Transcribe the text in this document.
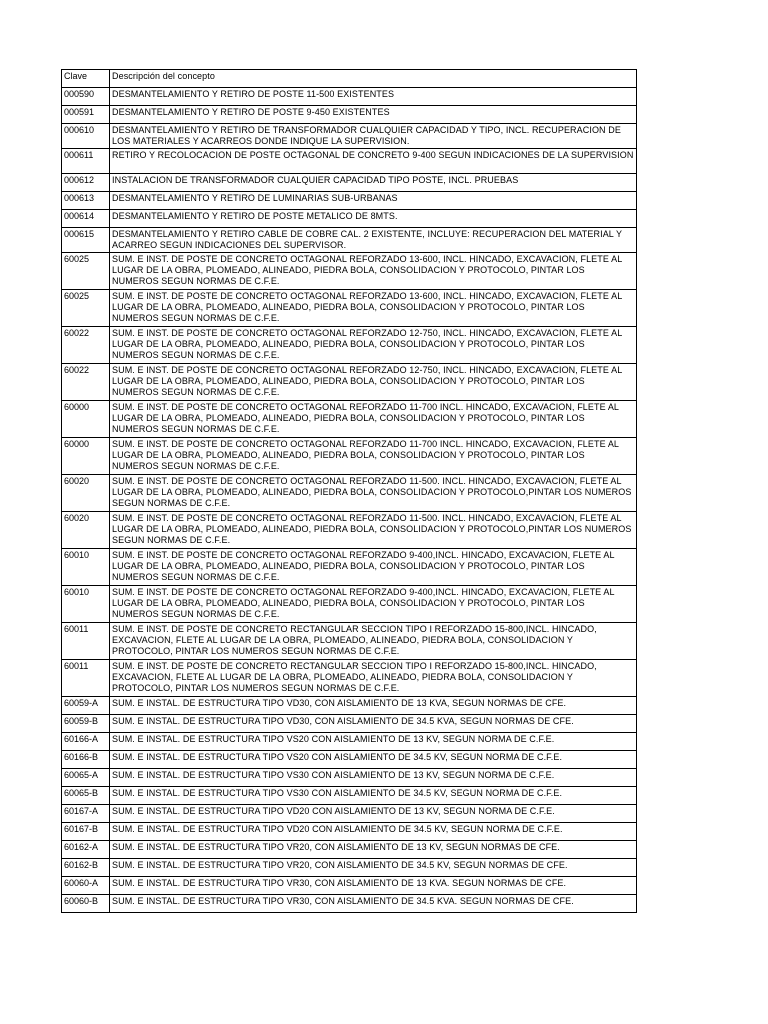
Clave	Descripción del concepto
000590	DESMANTELAMIENTO Y RETIRO DE POSTE 11-500 EXISTENTES
000591	DESMANTELAMIENTO Y RETIRO DE POSTE 9-450 EXISTENTES
000610	DESMANTELAMIENTO Y RETIRO DE TRANSFORMADOR CUALQUIER CAPACIDAD Y TIPO, INCL. RECUPERACION DE LOS MATERIALES Y ACARREOS DONDE INDIQUE LA SUPERVISION.
000611	RETIRO Y RECOLOCACION DE POSTE OCTAGONAL DE CONCRETO 9-400 SEGUN INDICACIONES DE LA SUPERVISION
000612	INSTALACION DE TRANSFORMADOR CUALQUIER CAPACIDAD TIPO POSTE, INCL. PRUEBAS
000613	DESMANTELAMIENTO Y RETIRO DE LUMINARIAS SUB-URBANAS
000614	DESMANTELAMIENTO Y RETIRO DE POSTE METALICO DE 8MTS.
000615	DESMANTELAMIENTO Y RETIRO CABLE DE COBRE CAL. 2 EXISTENTE, INCLUYE: RECUPERACION DEL MATERIAL Y ACARREO SEGUN INDICACIONES DEL SUPERVISOR.
60025	SUM. E INST. DE POSTE DE CONCRETO OCTAGONAL REFORZADO 13-600, INCL. HINCADO, EXCAVACION, FLETE AL LUGAR DE LA OBRA, PLOMEADO, ALINEADO, PIEDRA BOLA, CONSOLIDACION Y PROTOCOLO, PINTAR LOS NUMEROS SEGUN NORMAS DE C.F.E.
60025	SUM. E INST. DE POSTE DE CONCRETO OCTAGONAL REFORZADO 13-600, INCL. HINCADO, EXCAVACION, FLETE AL LUGAR DE LA OBRA, PLOMEADO, ALINEADO, PIEDRA BOLA, CONSOLIDACION Y PROTOCOLO, PINTAR LOS NUMEROS SEGUN NORMAS DE C.F.E.
60022	SUM. E INST. DE POSTE DE CONCRETO OCTAGONAL REFORZADO 12-750, INCL. HINCADO, EXCAVACION, FLETE AL LUGAR DE LA OBRA, PLOMEADO, ALINEADO, PIEDRA BOLA, CONSOLIDACION Y PROTOCOLO, PINTAR LOS NUMEROS SEGUN NORMAS DE C.F.E.
60022	SUM. E INST. DE POSTE DE CONCRETO OCTAGONAL REFORZADO 12-750, INCL. HINCADO, EXCAVACION, FLETE AL LUGAR DE LA OBRA, PLOMEADO, ALINEADO, PIEDRA BOLA, CONSOLIDACION Y PROTOCOLO, PINTAR LOS NUMEROS SEGUN NORMAS DE C.F.E.
60000	SUM. E INST. DE POSTE DE CONCRETO OCTAGONAL REFORZADO 11-700 INCL. HINCADO, EXCAVACION, FLETE AL LUGAR DE LA OBRA, PLOMEADO, ALINEADO, PIEDRA BOLA, CONSOLIDACION Y PROTOCOLO, PINTAR LOS NUMEROS SEGUN NORMAS DE C.F.E.
60000	SUM. E INST. DE POSTE DE CONCRETO OCTAGONAL REFORZADO 11-700 INCL. HINCADO, EXCAVACION, FLETE AL LUGAR DE LA OBRA, PLOMEADO, ALINEADO, PIEDRA BOLA, CONSOLIDACION Y PROTOCOLO, PINTAR LOS NUMEROS SEGUN NORMAS DE C.F.E.
60020	SUM. E INST. DE POSTE DE CONCRETO OCTAGONAL REFORZADO 11-500. INCL. HINCADO, EXCAVACION, FLETE AL LUGAR DE LA OBRA, PLOMEADO, ALINEADO, PIEDRA BOLA, CONSOLIDACION Y PROTOCOLO,PINTAR LOS NUMEROS SEGUN NORMAS DE C.F.E.
60020	SUM. E INST. DE POSTE DE CONCRETO OCTAGONAL REFORZADO 11-500. INCL. HINCADO, EXCAVACION, FLETE AL LUGAR DE LA OBRA, PLOMEADO, ALINEADO, PIEDRA BOLA, CONSOLIDACION Y PROTOCOLO,PINTAR LOS NUMEROS SEGUN NORMAS DE C.F.E.
60010	SUM. E INST. DE POSTE DE CONCRETO OCTAGONAL REFORZADO 9-400,INCL. HINCADO, EXCAVACION, FLETE AL LUGAR DE LA OBRA, PLOMEADO, ALINEADO, PIEDRA BOLA, CONSOLIDACION Y PROTOCOLO, PINTAR LOS NUMEROS SEGUN NORMAS DE C.F.E.
60010	SUM. E INST. DE POSTE DE CONCRETO OCTAGONAL REFORZADO 9-400,INCL. HINCADO, EXCAVACION, FLETE AL LUGAR DE LA OBRA, PLOMEADO, ALINEADO, PIEDRA BOLA, CONSOLIDACION Y PROTOCOLO, PINTAR LOS NUMEROS SEGUN NORMAS DE C.F.E.
60011	SUM. E INST. DE POSTE DE CONCRETO RECTANGULAR SECCION TIPO I REFORZADO 15-800,INCL. HINCADO, EXCAVACION, FLETE AL LUGAR DE LA OBRA, PLOMEADO, ALINEADO, PIEDRA BOLA, CONSOLIDACION Y PROTOCOLO, PINTAR LOS NUMEROS SEGUN NORMAS DE C.F.E.
60011	SUM. E INST. DE POSTE DE CONCRETO RECTANGULAR SECCION TIPO I REFORZADO 15-800,INCL. HINCADO, EXCAVACION, FLETE AL LUGAR DE LA OBRA, PLOMEADO, ALINEADO, PIEDRA BOLA, CONSOLIDACION Y PROTOCOLO, PINTAR LOS NUMEROS SEGUN NORMAS DE C.F.E.
60059-A	SUM. E INSTAL. DE ESTRUCTURA TIPO VD30, CON AISLAMIENTO DE 13 KVA, SEGUN NORMAS DE CFE.
60059-B	SUM. E INSTAL. DE ESTRUCTURA TIPO VD30, CON AISLAMIENTO DE 34.5 KVA, SEGUN NORMAS DE CFE.
60166-A	SUM. E INSTAL. DE ESTRUCTURA TIPO VS20 CON AISLAMIENTO DE 13 KV, SEGUN NORMA DE C.F.E.
60166-B	SUM. E INSTAL. DE ESTRUCTURA TIPO VS20 CON AISLAMIENTO DE 34.5 KV, SEGUN NORMA DE C.F.E.
60065-A	SUM. E INSTAL. DE ESTRUCTURA TIPO VS30 CON AISLAMIENTO DE 13 KV, SEGUN NORMA DE C.F.E.
60065-B	SUM. E INSTAL. DE ESTRUCTURA TIPO VS30 CON AISLAMIENTO DE 34.5 KV, SEGUN NORMA DE C.F.E.
60167-A	SUM. E INSTAL. DE ESTRUCTURA TIPO VD20 CON AISLAMIENTO DE 13 KV, SEGUN NORMA DE C.F.E.
60167-B	SUM. E INSTAL. DE ESTRUCTURA TIPO VD20 CON AISLAMIENTO DE 34.5 KV, SEGUN NORMA DE C.F.E.
60162-A	SUM. E INSTAL. DE ESTRUCTURA TIPO VR20, CON AISLAMIENTO DE 13 KV, SEGUN NORMAS DE CFE.
60162-B	SUM. E INSTAL. DE ESTRUCTURA TIPO VR20, CON AISLAMIENTO DE 34.5 KV, SEGUN NORMAS DE CFE.
60060-A	SUM. E INSTAL. DE ESTRUCTURA TIPO VR30, CON AISLAMIENTO DE 13 KVA. SEGUN NORMAS DE CFE.
60060-B	SUM. E INSTAL. DE ESTRUCTURA TIPO VR30, CON AISLAMIENTO DE 34.5 KVA. SEGUN NORMAS DE CFE.
